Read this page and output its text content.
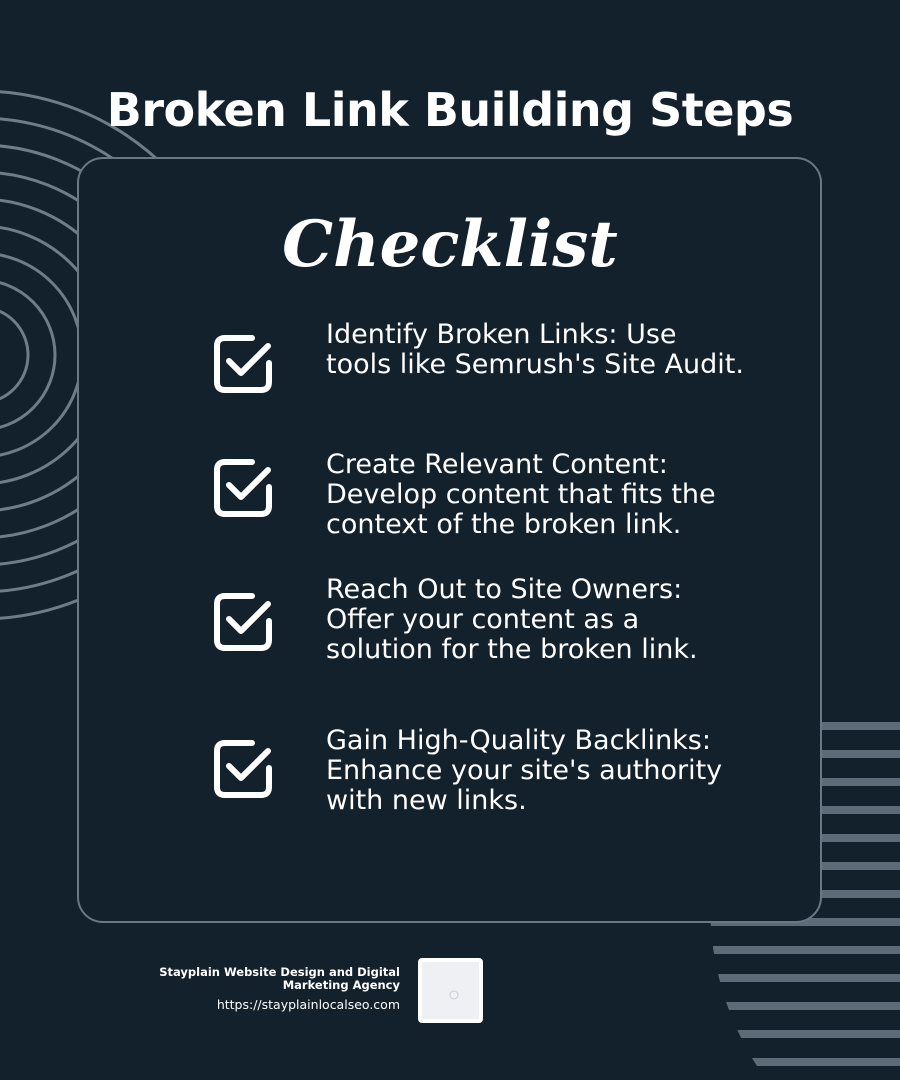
Broken Link Building Steps
Checklist

Identify Broken Links: Use tools like Semrush's Site Audit.

Create Relevant Content: Develop content that fits the context of the broken link.

Reach Out to Site Owners: Offer your content as a solution for the broken link.

Gain High-Quality Backlinks: Enhance your site's authority with new links.

Stayplain Website Design and Digital Marketing Agency
https://stayplainlocalseo.com
